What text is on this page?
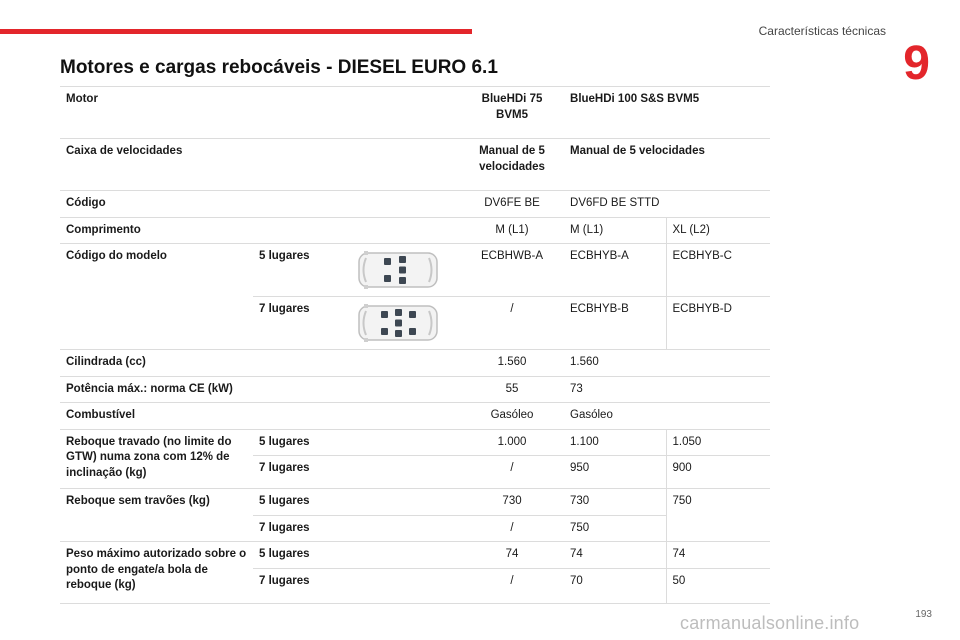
Características técnicas
9
Motores e cargas rebocáveis - DIESEL EURO 6.1
Motor			BlueHDi 75 BVM5	BlueHDi 100 S&S BVM5	
Caixa de velocidades			Manual de 5 velocidades	Manual de 5 velocidades	
Código			DV6FE BE	DV6FD BE STTD	
Comprimento			M (L1)	M (L1)	XL (L2)
Código do modelo	5 lugares		ECBHWB-A	ECBHYB-A	ECBHYB-C
	7 lugares		/	ECBHYB-B	ECBHYB-D
Cilindrada (cc)			1.560	1.560	
Potência máx.: norma CE (kW)			55	73	
Combustível			Gasóleo	Gasóleo	
Reboque travado (no limite do GTW) numa zona com 12% de inclinação (kg)	5 lugares		1.000	1.100	1.050
	7 lugares		/	950	900
Reboque sem travões (kg)	5 lugares		730	730	750
	7 lugares		/	750	
Peso máximo autorizado sobre o ponto de engate/a bola de reboque (kg)	5 lugares		74	74	74
	7 lugares		/	70	50
carmanualsonline.info	193
